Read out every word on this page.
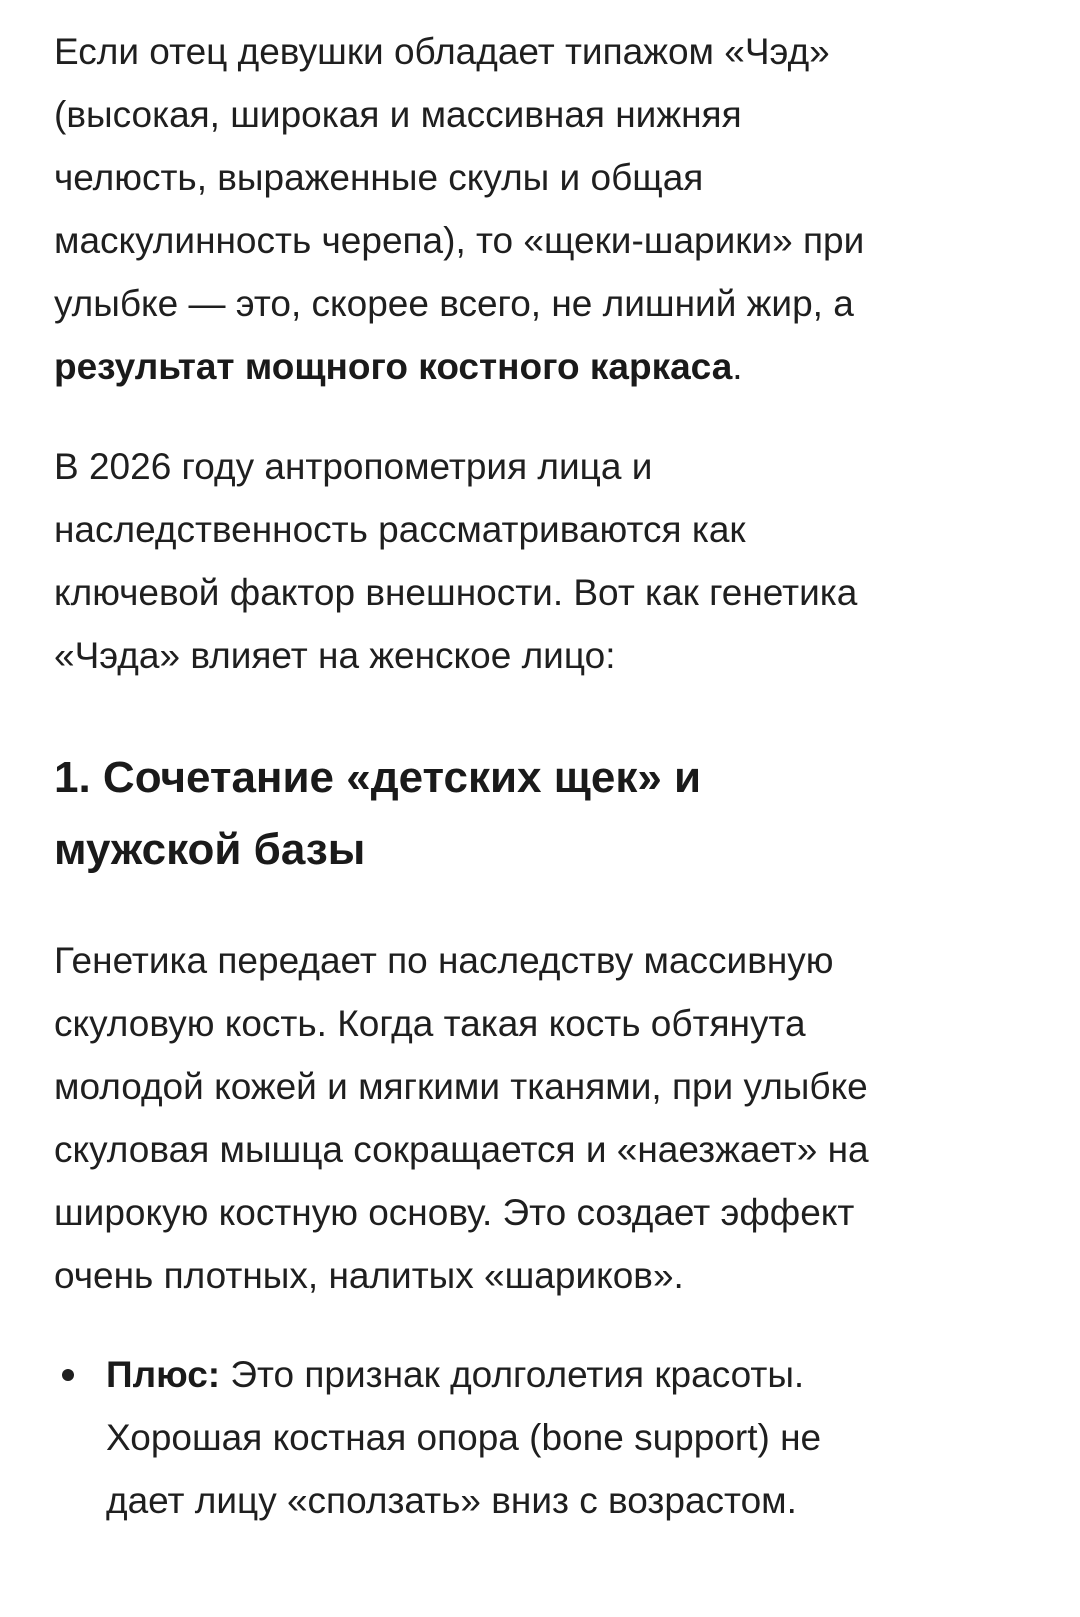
Если отец девушки обладает типажом «Чэд»
(высокая, широкая и массивная нижняя
челюсть, выраженные скулы и общая
маскулинность черепа), то «щеки-шарики» при
улыбке — это, скорее всего, не лишний жир, а
результат мощного костного каркаса.
В 2026 году антропометрия лица и
наследственность рассматриваются как
ключевой фактор внешности. Вот как генетика
«Чэда» влияет на женское лицо:
1. Сочетание «детских щек» и
мужской базы
Генетика передает по наследству массивную
скуловую кость. Когда такая кость обтянута
молодой кожей и мягкими тканями, при улыбке
скуловая мышца сокращается и «наезжает» на
широкую костную основу. Это создает эффект
очень плотных, налитых «шариков».
Плюс: Это признак долголетия красоты.
Хорошая костная опора (bone support) не
дает лицу «сползать» вниз с возрастом.
